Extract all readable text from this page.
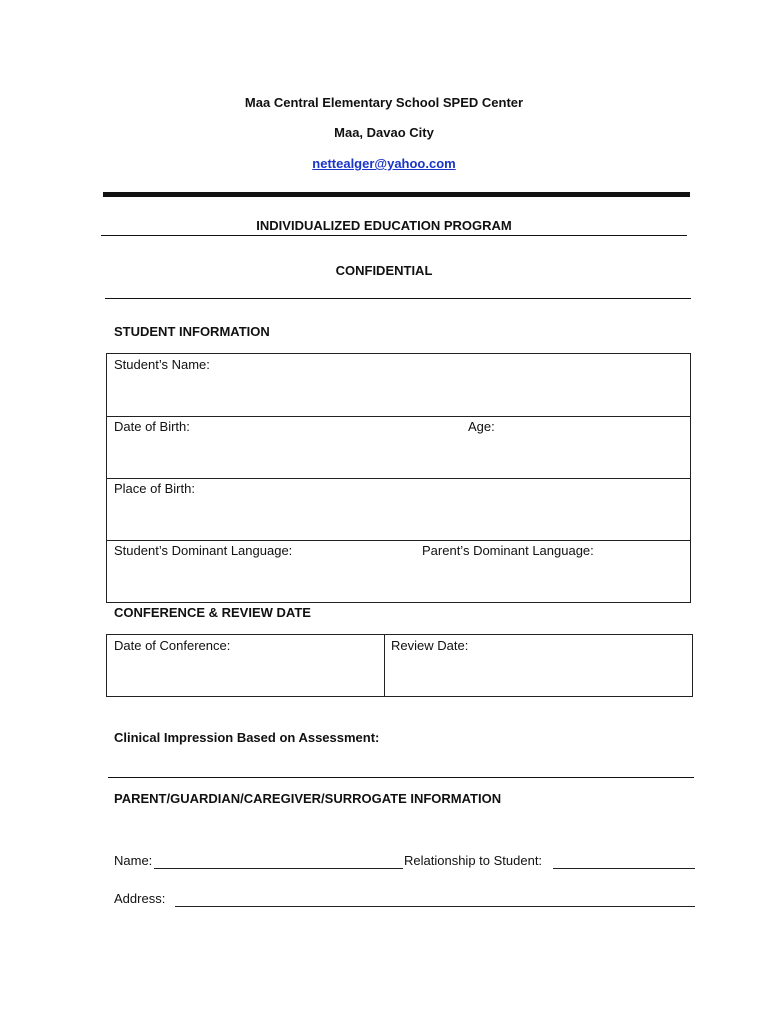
Maa Central Elementary School SPED Center
Maa, Davao City
nettealger@yahoo.com
INDIVIDUALIZED EDUCATION PROGRAM
CONFIDENTIAL
STUDENT INFORMATION
Student’s Name:
Date of Birth:	Age:
Place of Birth:
Student’s Dominant Language:	Parent’s Dominant Language:
CONFERENCE & REVIEW DATE
Date of Conference:	Review Date:
Clinical Impression Based on Assessment:
PARENT/GUARDIAN/CAREGIVER/SURROGATE INFORMATION
Name:	Relationship to Student:
Address:
